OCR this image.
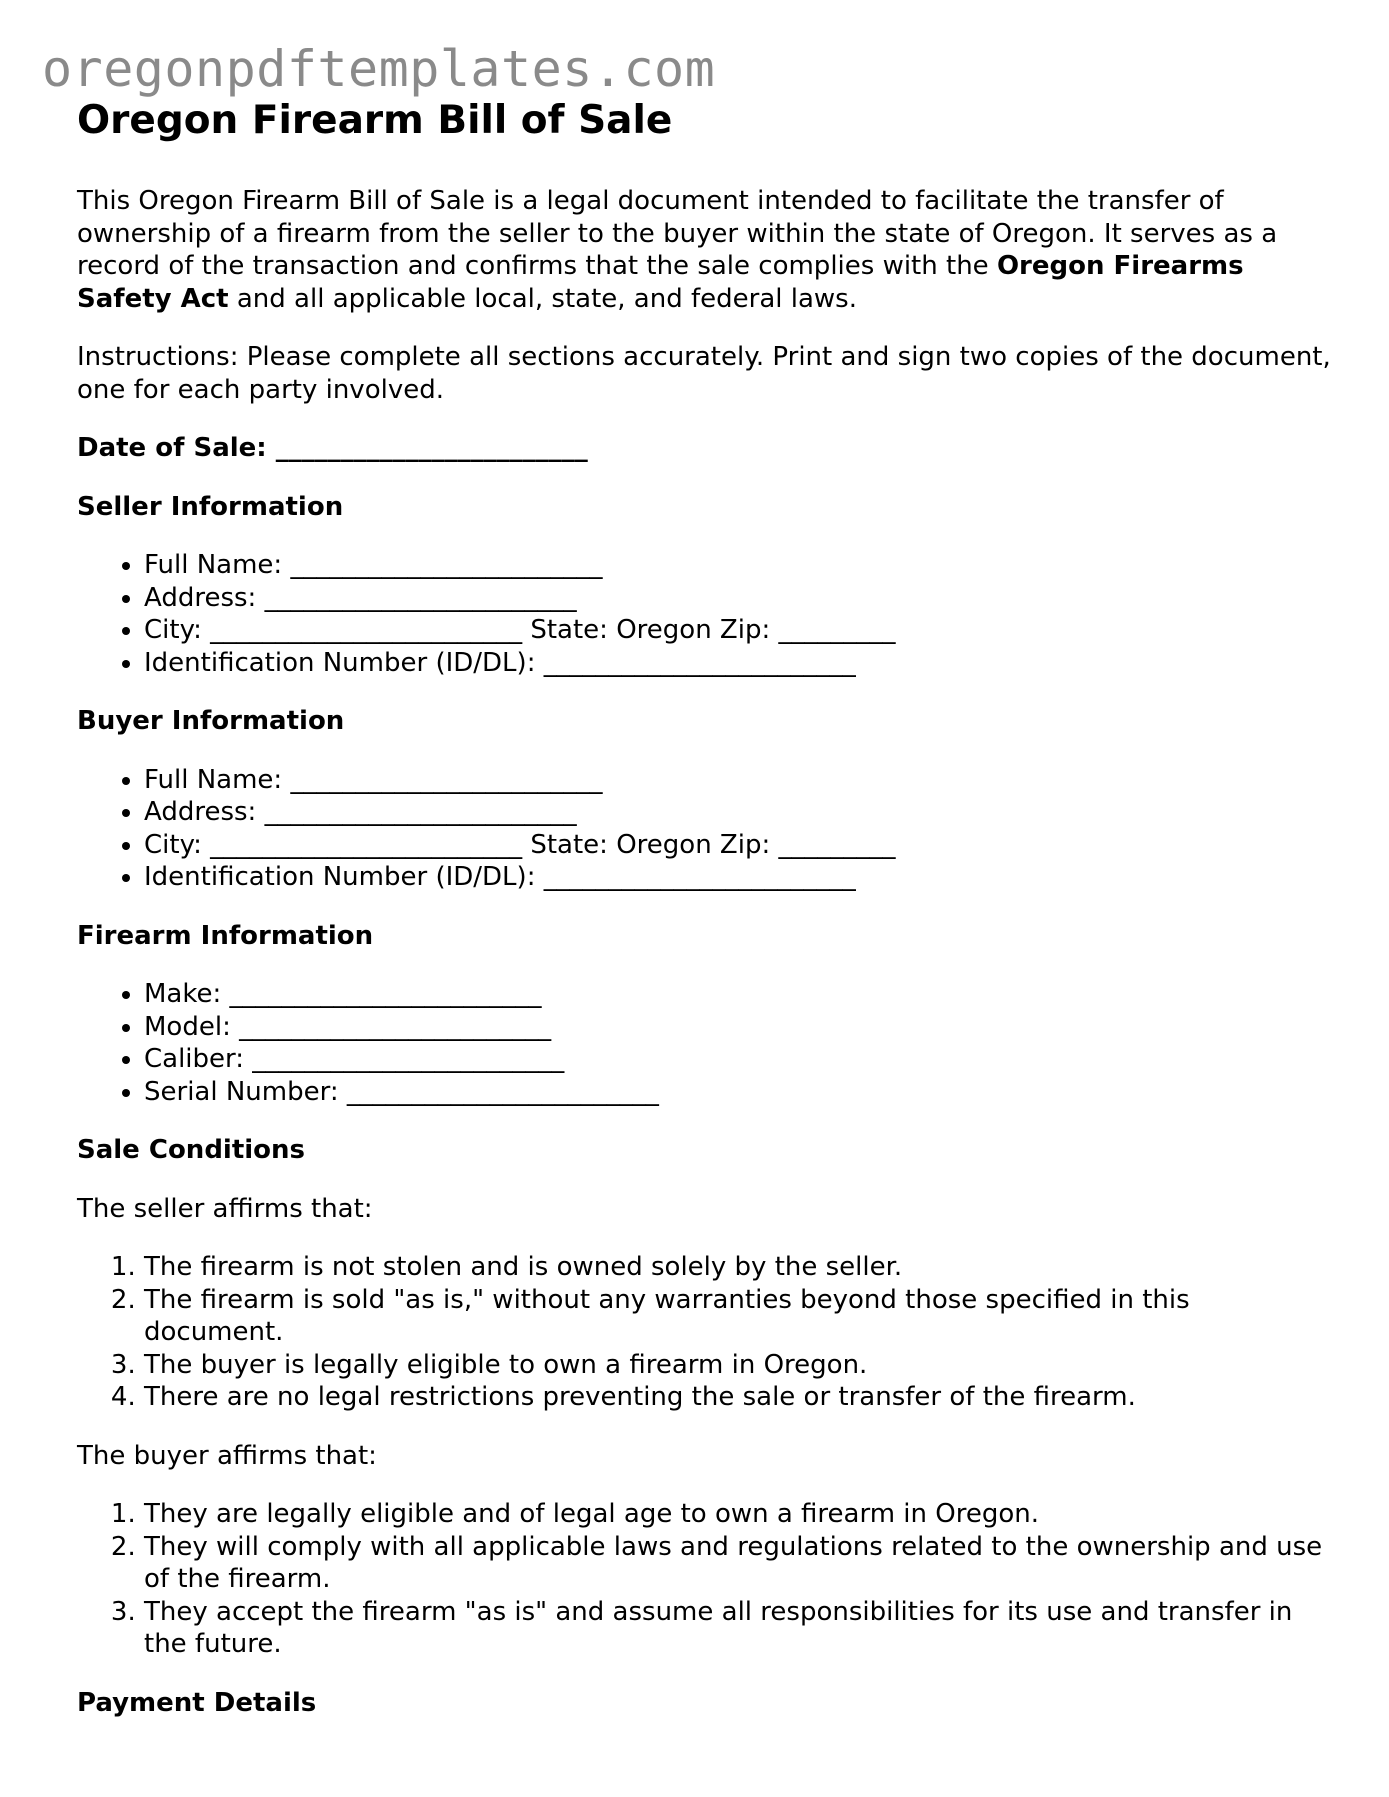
oregonpdftemplates.com
Oregon Firearm Bill of Sale

This Oregon Firearm Bill of Sale is a legal document intended to facilitate the transfer of ownership of a firearm from the seller to the buyer within the state of Oregon. It serves as a record of the transaction and confirms that the sale complies with the Oregon Firearms Safety Act and all applicable local, state, and federal laws.

Instructions: Please complete all sections accurately. Print and sign two copies of the document, one for each party involved.

Date of Sale: ________________________

Seller Information
• Full Name: ________________________
• Address: ________________________
• City: ________________________ State: Oregon Zip: _________
• Identification Number (ID/DL): ________________________
Buyer Information
• Full Name: ________________________
• Address: ________________________
• City: ________________________ State: Oregon Zip: _________
• Identification Number (ID/DL): ________________________
Firearm Information
• Make: ________________________
• Model: ________________________
• Caliber: ________________________
• Serial Number: ________________________
Sale Conditions

The seller affirms that:

1. The firearm is not stolen and is owned solely by the seller.
2. The firearm is sold "as is," without any warranties beyond those specified in this document.
3. The buyer is legally eligible to own a firearm in Oregon.
4. There are no legal restrictions preventing the sale or transfer of the firearm.

The buyer affirms that:

1. They are legally eligible and of legal age to own a firearm in Oregon.
2. They will comply with all applicable laws and regulations related to the ownership and use of the firearm.
3. They accept the firearm "as is" and assume all responsibilities for its use and transfer in the future.
Payment Details
